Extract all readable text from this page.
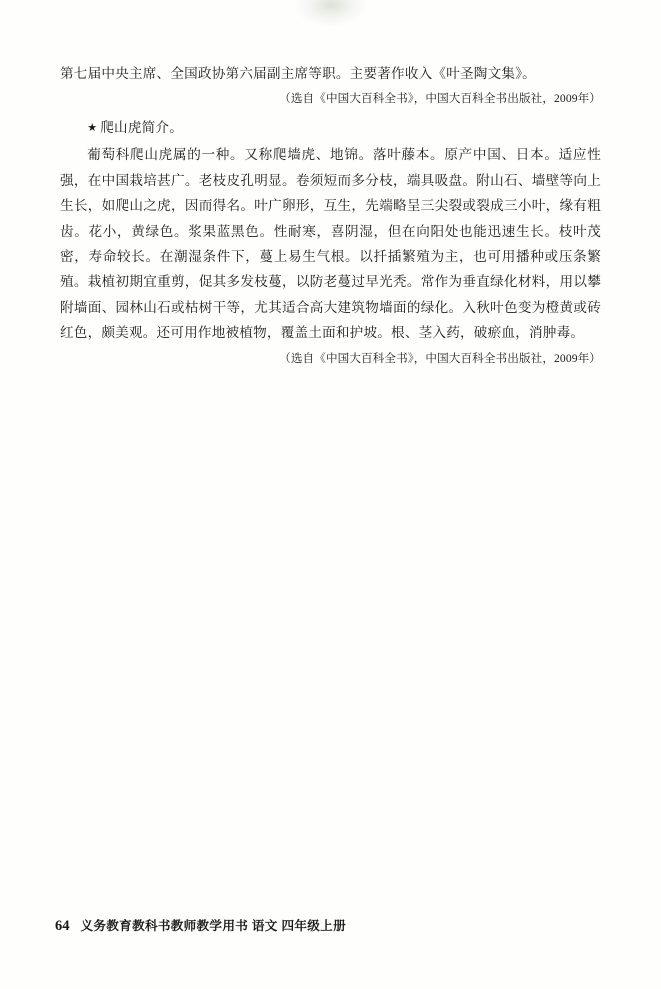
第七届中央主席、全国政协第六届副主席等职。主要著作收入《叶圣陶文集》。

（选自《中国大百科全书》，中国大百科全书出版社，2009年）

★ 爬山虎简介。

葡萄科爬山虎属的一种。又称爬墙虎、地锦。落叶藤本。原产中国、日本。适应性强，在中国栽培甚广。老枝皮孔明显。卷须短而多分枝，端具吸盘。附山石、墙壁等向上生长，如爬山之虎，因而得名。叶广卵形，互生，先端略呈三尖裂或裂成三小叶，缘有粗齿。花小，黄绿色。浆果蓝黑色。性耐寒，喜阴湿，但在向阳处也能迅速生长。枝叶茂密，寿命较长。在潮湿条件下，蔓上易生气根。以扦插繁殖为主，也可用播种或压条繁殖。栽植初期宜重剪，促其多发枝蔓，以防老蔓过早光秃。常作为垂直绿化材料，用以攀附墙面、园林山石或枯树干等，尤其适合高大建筑物墙面的绿化。入秋叶色变为橙黄或砖红色，颇美观。还可用作地被植物，覆盖土面和护坡。根、茎入药，破瘀血，消肿毒。

（选自《中国大百科全书》，中国大百科全书出版社，2009年）

64 义务教育教科书教师教学用书 语文 四年级上册
